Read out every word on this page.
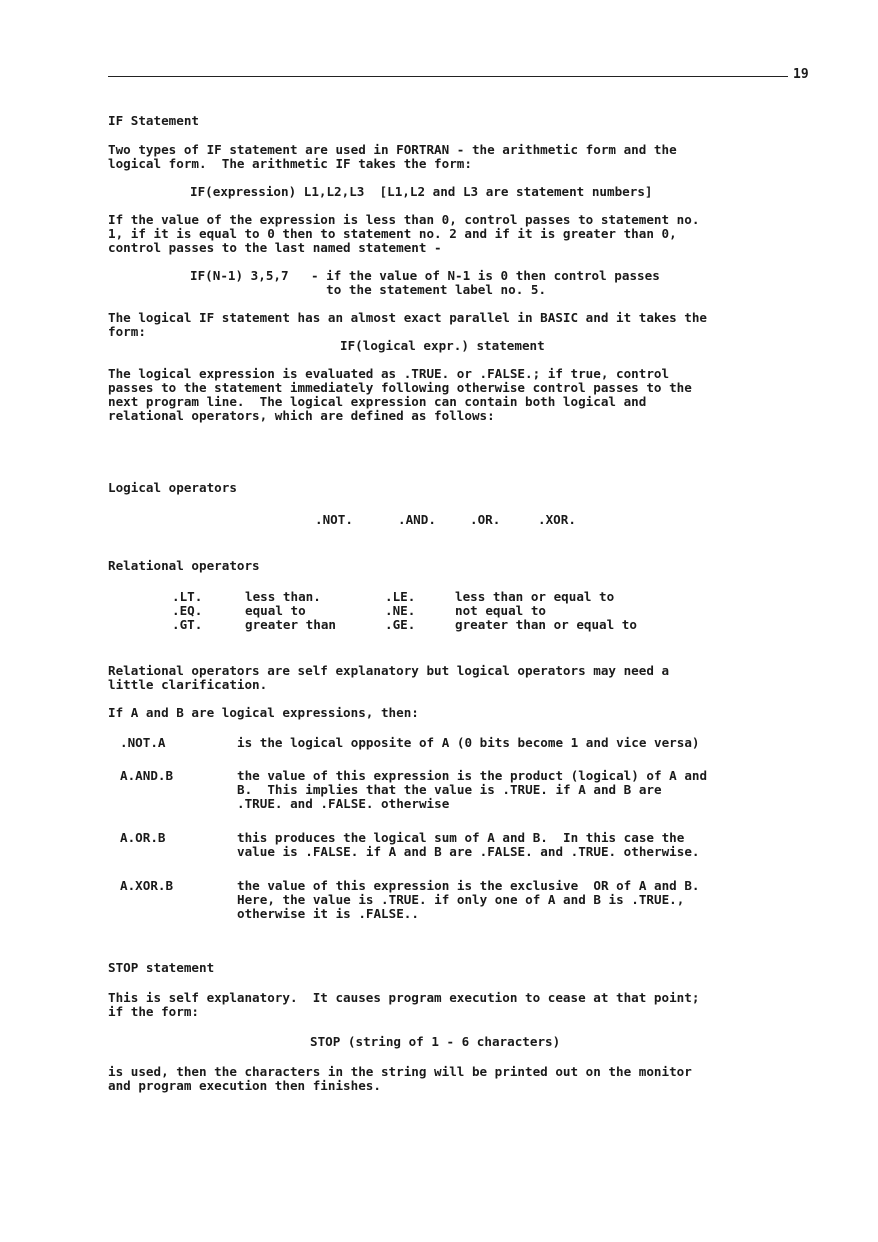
19
IF Statement
Two types of IF statement are used in FORTRAN - the arithmetic form and the
logical form.  The arithmetic IF takes the form:
IF(expression) L1,L2,L3  [L1,L2 and L3 are statement numbers]
If the value of the expression is less than 0, control passes to statement no.
1, if it is equal to 0 then to statement no. 2 and if it is greater than 0,
control passes to the last named statement -
IF(N-1) 3,5,7 - if the value of N-1 is 0 then control passes
to the statement label no. 5.
The logical IF statement has an almost exact parallel in BASIC and it takes the
form:
IF(logical expr.) statement
The logical expression is evaluated as .TRUE. or .FALSE.; if true, control
passes to the statement immediately following otherwise control passes to the
next program line.  The logical expression can contain both logical and
relational operators, which are defined as follows:
Logical operators
.NOT.	.AND.	.OR.	.XOR.
Relational operators
.LT.	less than.	.LE.	less than or equal to
.EQ.	equal to	.NE.	not equal to
.GT.	greater than	.GE.	greater than or equal to
Relational operators are self explanatory but logical operators may need a
little clarification.
If A and B are logical expressions, then:
.NOT.A	is the logical opposite of A (0 bits become 1 and vice versa)
A.AND.B	the value of this expression is the product (logical) of A and
B.  This implies that the value is .TRUE. if A and B are
.TRUE. and .FALSE. otherwise
A.OR.B	this produces the logical sum of A and B.  In this case the
value is .FALSE. if A and B are .FALSE. and .TRUE. otherwise.
A.XOR.B	the value of this expression is the exclusive  OR of A and B.
Here, the value is .TRUE. if only one of A and B is .TRUE.,
otherwise it is .FALSE..
STOP statement
This is self explanatory.  It causes program execution to cease at that point;
if the form:
STOP (string of 1 - 6 characters)
is used, then the characters in the string will be printed out on the monitor
and program execution then finishes.
